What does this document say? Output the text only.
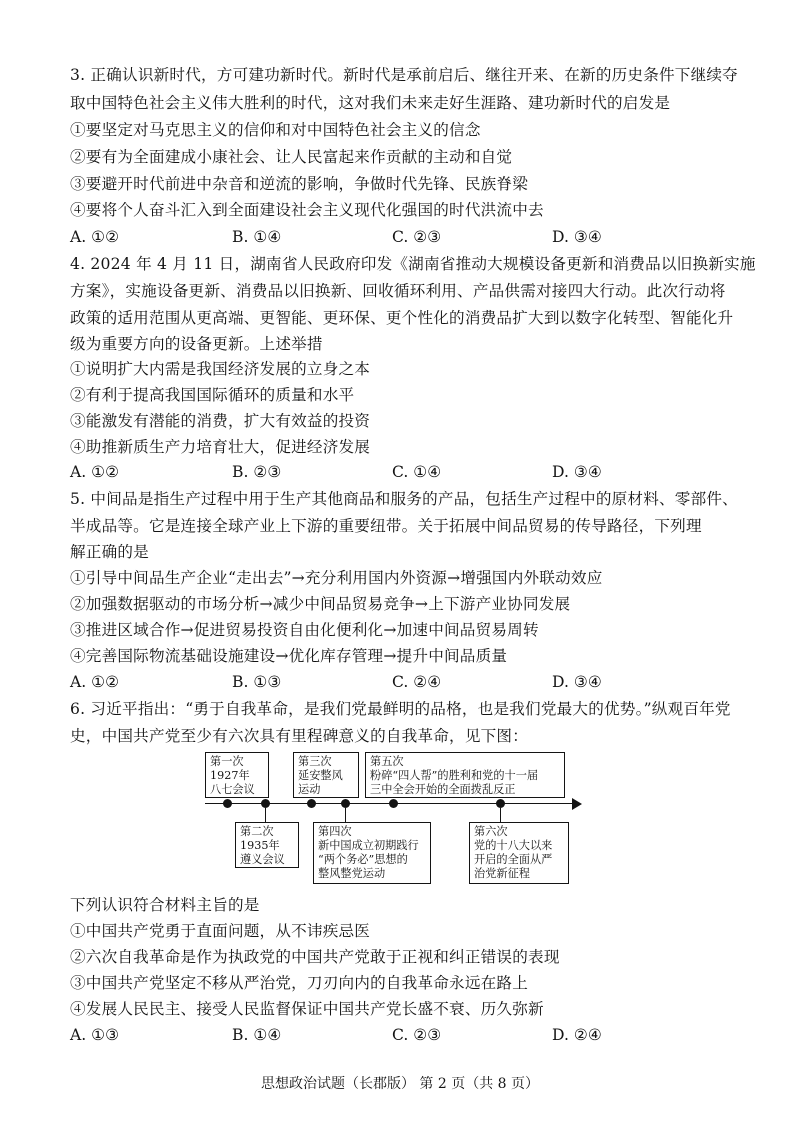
3. 正确认识新时代，方可建功新时代。新时代是承前启后、继往开来、在新的历史条件下继续夺
取中国特色社会主义伟大胜利的时代，这对我们未来走好生涯路、建功新时代的启发是
①要坚定对马克思主义的信仰和对中国特色社会主义的信念
②要有为全面建成小康社会、让人民富起来作贡献的主动和自觉
③要避开时代前进中杂音和逆流的影响，争做时代先锋、民族脊梁
④要将个人奋斗汇入到全面建设社会主义现代化强国的时代洪流中去
A. ①②	B. ①④	C. ②③	D. ③④
4. 2024 年 4 月 11 日，湖南省人民政府印发《湖南省推动大规模设备更新和消费品以旧换新实施
方案》，实施设备更新、消费品以旧换新、回收循环利用、产品供需对接四大行动。此次行动将
政策的适用范围从更高端、更智能、更环保、更个性化的消费品扩大到以数字化转型、智能化升
级为重要方向的设备更新。上述举措
①说明扩大内需是我国经济发展的立身之本
②有利于提高我国国际循环的质量和水平
③能激发有潜能的消费，扩大有效益的投资
④助推新质生产力培育壮大，促进经济发展
A. ①②	B. ②③	C. ①④	D. ③④
5. 中间品是指生产过程中用于生产其他商品和服务的产品，包括生产过程中的原材料、零部件、
半成品等。它是连接全球产业上下游的重要纽带。关于拓展中间品贸易的传导路径，下列理
解正确的是
①引导中间品生产企业“走出去”→充分利用国内外资源→增强国内外联动效应
②加强数据驱动的市场分析→减少中间品贸易竞争→上下游产业协同发展
③推进区域合作→促进贸易投资自由化便利化→加速中间品贸易周转
④完善国际物流基础设施建设→优化库存管理→提升中间品质量
A. ①②	B. ①③	C. ②④	D. ③④
6. 习近平指出：“勇于自我革命，是我们党最鲜明的品格，也是我们党最大的优势。”纵观百年党
史，中国共产党至少有六次具有里程碑意义的自我革命，见下图：
第一次
1927年
八七会议
第三次
延安整风
运动
第五次
粉碎“四人帮”的胜利和党的十一届
三中全会开始的全面拨乱反正
第二次
1935年
遵义会议
第四次
新中国成立初期践行
“两个务必”思想的
整风整党运动
第六次
党的十八大以来
开启的全面从严
治党新征程
下列认识符合材料主旨的是
①中国共产党勇于直面问题，从不讳疾忌医
②六次自我革命是作为执政党的中国共产党敢于正视和纠正错误的表现
③中国共产党坚定不移从严治党，刀刃向内的自我革命永远在路上
④发展人民民主、接受人民监督保证中国共产党长盛不衰、历久弥新
A. ①③	B. ①④	C. ②③	D. ②④
思想政治试题（长郡版） 第 2 页（共 8 页）
